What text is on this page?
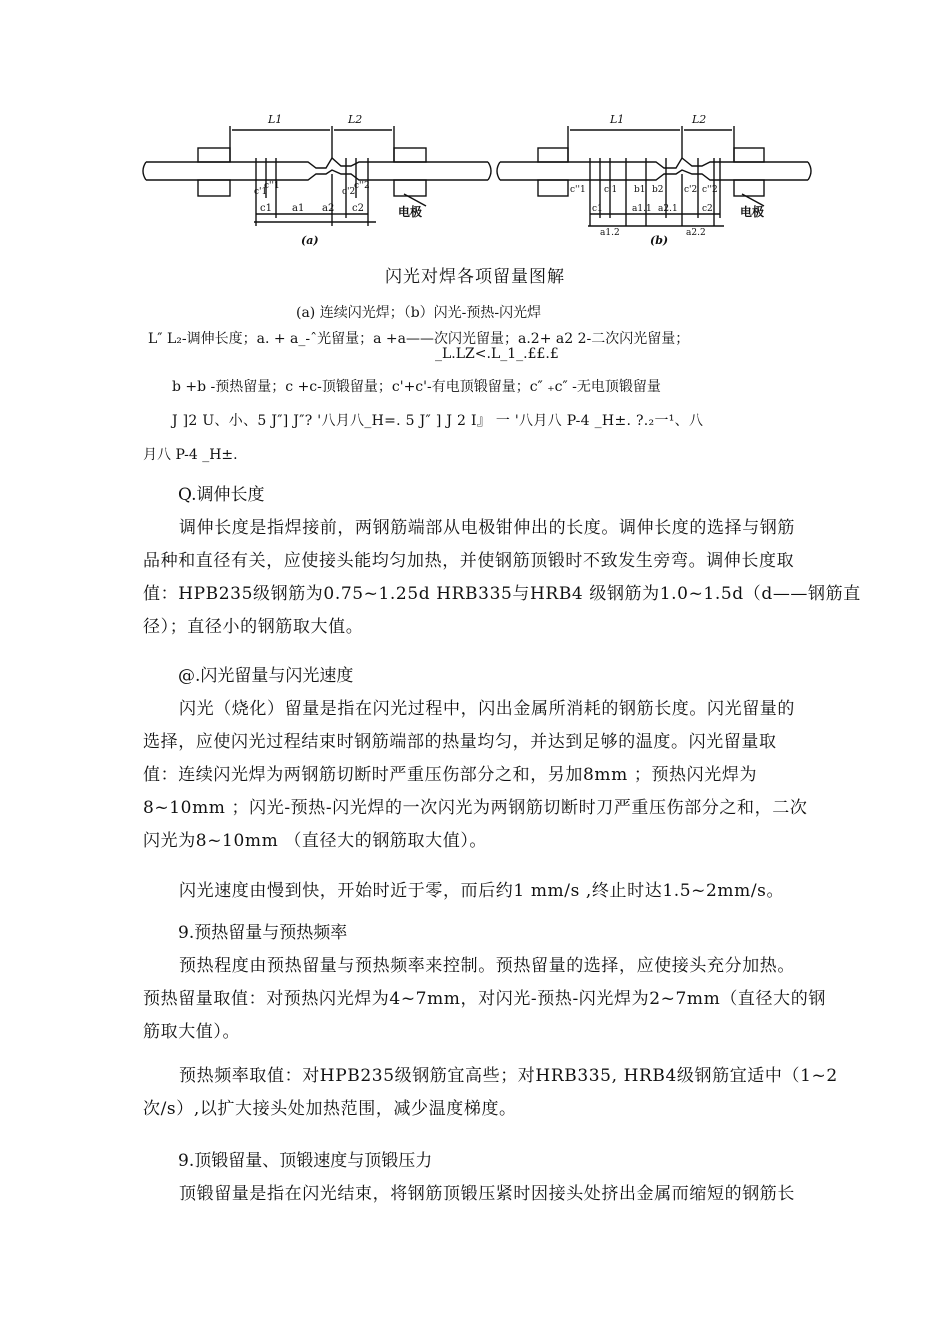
L1	L2
c'1
c''1
c'2
c''2
c1 a1 a2 c2	电极
(a)
L1	L2
c''1 c'1 b1 b2 c'2 c''2
c1	a1.1 a2.1	c2
a1.2	a2.2
电极
(b)
闪光对焊各项留量图解
(a) 连续闪光焊；（b）闪光-预热-闪光焊
L″ L₂-调伸长度；a. + a_-ˆ光留量；a +a——次闪光留量；a.2+ a2 2-二次闪光留量；
_L.LZ<.L_1_.££.£
b +b -预热留量；c +c-顶锻留量；c'+c'-有电顶锻留量；c″ ₊c″ -无电顶锻留量
J ]2 U、小、5 J″] J″? '八月八_H=. 5 J″ ] J 2 I』 一 '八月八 P-4 _H±. ?.₂一¹、八
月八 P-4 _H±.
Q.调伸长度
调伸长度是指焊接前，两钢筋端部从电极钳伸出的长度。调伸长度的选择与钢筋
品种和直径有关，应使接头能均匀加热，并使钢筋顶锻时不致发生旁弯。调伸长度取
值：HPB235级钢筋为0.75~1.25d HRB335与HRB4 级钢筋为1.0~1.5d（d——钢筋直
径）；直径小的钢筋取大值。
@.闪光留量与闪光速度
闪光（烧化）留量是指在闪光过程中，闪出金属所消耗的钢筋长度。闪光留量的
选择，应使闪光过程结束时钢筋端部的热量均匀，并达到足够的温度。闪光留量取
值：连续闪光焊为两钢筋切断时严重压伤部分之和，另加8mm ；预热闪光焊为
8~10mm ；闪光-预热-闪光焊的一次闪光为两钢筋切断时刀严重压伤部分之和，二次
闪光为8~10mm （直径大的钢筋取大值）。
闪光速度由慢到快，开始时近于零，而后约1 mm/s ,终止时达1.5~2mm/s。
9.预热留量与预热频率
预热程度由预热留量与预热频率来控制。预热留量的选择，应使接头充分加热。
预热留量取值：对预热闪光焊为4~7mm，对闪光-预热-闪光焊为2~7mm（直径大的钢
筋取大值）。
预热频率取值：对HPB235级钢筋宜高些；对HRB335, HRB4级钢筋宜适中（1~2
次/s）,以扩大接头处加热范围，减少温度梯度。
9.顶锻留量、顶锻速度与顶锻压力
顶锻留量是指在闪光结束，将钢筋顶锻压紧时因接头处挤出金属而缩短的钢筋长
